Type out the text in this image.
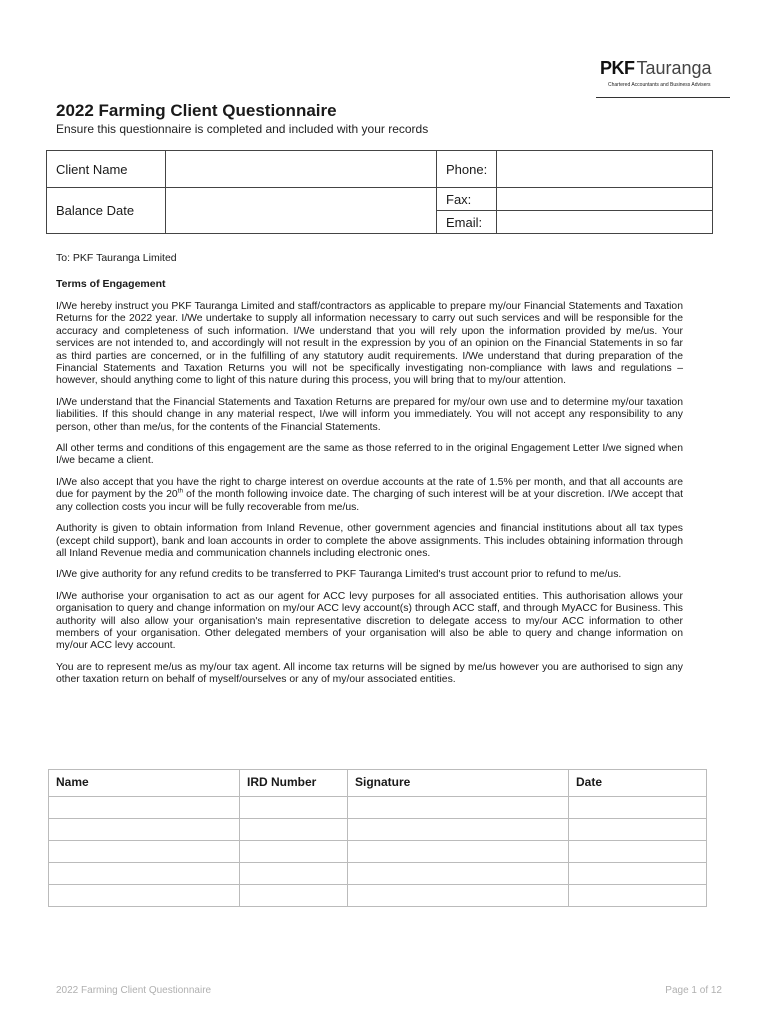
PKF Tauranga
Chartered Accountants and Business Advisers
2022 Farming Client Questionnaire
Ensure this questionnaire is completed and included with your records
Client Name		Phone:	
Balance Date		Fax:	
		Email:	
To: PKF Tauranga Limited
Terms of Engagement

I/We hereby instruct you PKF Tauranga Limited and staff/contractors as applicable to prepare my/our Financial Statements and Taxation Returns for the 2022 year. I/We undertake to supply all information necessary to carry out such services and will be responsible for the accuracy and completeness of such information. I/We understand that you will rely upon the information provided by me/us. Your services are not intended to, and accordingly will not result in the expression by you of an opinion on the Financial Statements in so far as third parties are concerned, or in the fulfilling of any statutory audit requirements. I/We understand that during preparation of the Financial Statements and Taxation Returns you will not be specifically investigating non-compliance with laws and regulations – however, should anything come to light of this nature during this process, you will bring that to my/our attention.

I/We understand that the Financial Statements and Taxation Returns are prepared for my/our own use and to determine my/our taxation liabilities. If this should change in any material respect, I/we will inform you immediately. You will not accept any responsibility to any person, other than me/us, for the contents of the Financial Statements.

All other terms and conditions of this engagement are the same as those referred to in the original Engagement Letter I/we signed when I/we became a client.

I/We also accept that you have the right to charge interest on overdue accounts at the rate of 1.5% per month, and that all accounts are due for payment by the 20th of the month following invoice date. The charging of such interest will be at your discretion. I/We accept that any collection costs you incur will be fully recoverable from me/us.

Authority is given to obtain information from Inland Revenue, other government agencies and financial institutions about all tax types (except child support), bank and loan accounts in order to complete the above assignments. This includes obtaining information through all Inland Revenue media and communication channels including electronic ones.

I/We give authority for any refund credits to be transferred to PKF Tauranga Limited's trust account prior to refund to me/us.

I/We authorise your organisation to act as our agent for ACC levy purposes for all associated entities. This authorisation allows your organisation to query and change information on my/our ACC levy account(s) through ACC staff, and through MyACC for Business. This authority will also allow your organisation's main representative discretion to delegate access to my/our ACC information to other members of your organisation. Other delegated members of your organisation will also be able to query and change information on my/our ACC levy account.

You are to represent me/us as my/our tax agent. All income tax returns will be signed by me/us however you are authorised to sign any other taxation return on behalf of myself/ourselves or any of my/our associated entities.

Name	IRD Number	Signature	Date

2022 Farming Client Questionnaire	Page 1 of 12
